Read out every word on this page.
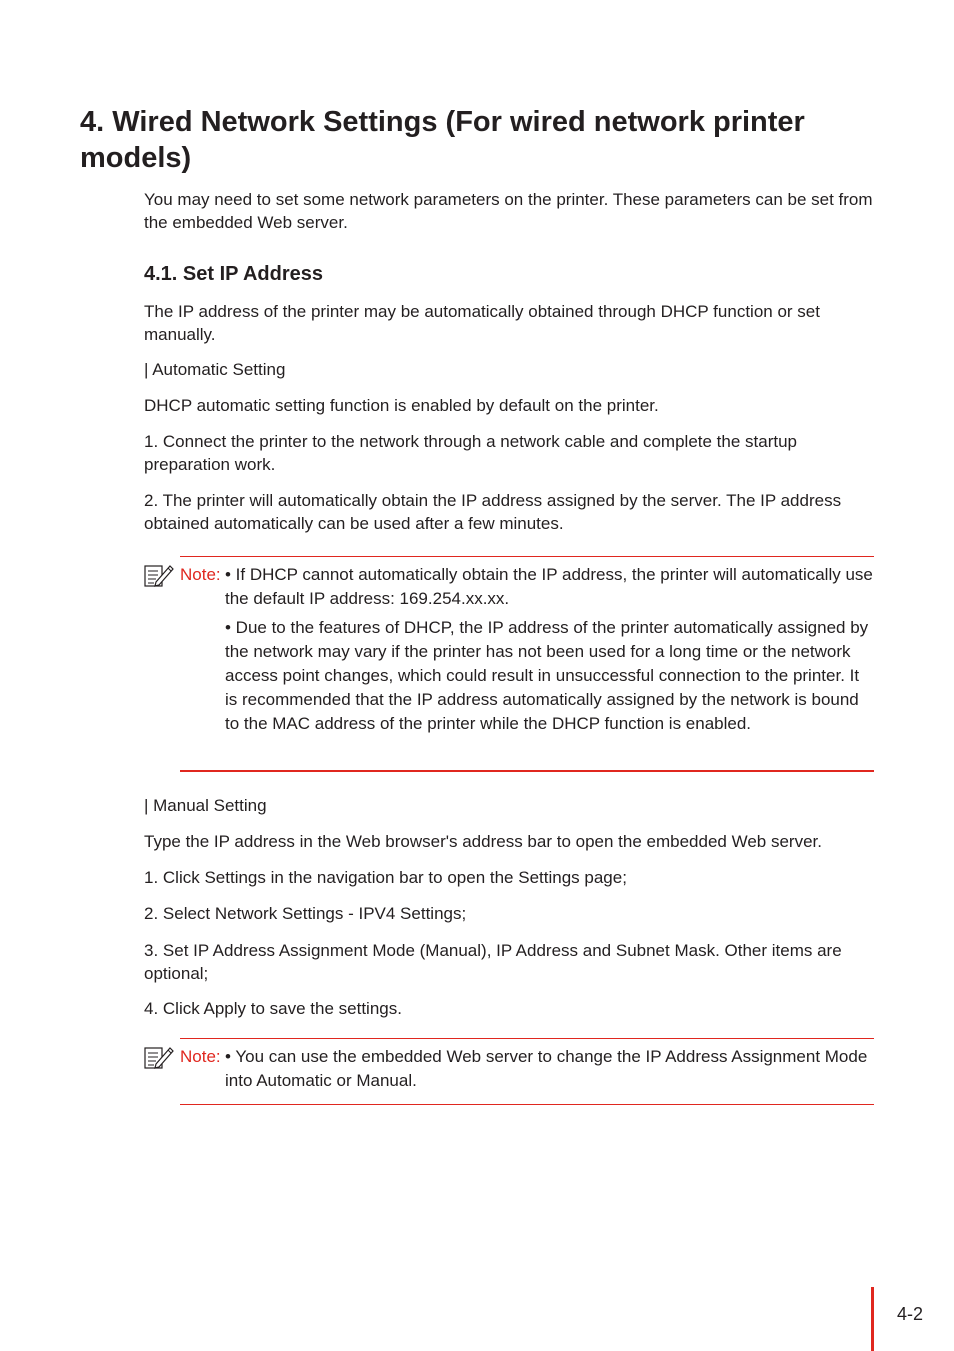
4. Wired Network Settings (For wired network printer models)
You may need to set some network parameters on the printer. These parameters can be set from the embedded Web server.
4.1. Set IP Address
The IP address of the printer may be automatically obtained through DHCP function or set manually.
| Automatic Setting
DHCP automatic setting function is enabled by default on the printer.
1. Connect the printer to the network through a network cable and complete the startup preparation work.
2. The printer will automatically obtain the IP address assigned by the server. The IP address obtained automatically can be used after a few minutes.
Note: • If DHCP cannot automatically obtain the IP address, the printer will automatically use the default IP address: 169.254.xx.xx.
• Due to the features of DHCP, the IP address of the printer automatically assigned by the network may vary if the printer has not been used for a long time or the network access point changes, which could result in unsuccessful connection to the printer. It is recommended that the IP address automatically assigned by the network is bound to the MAC address of the printer while the DHCP function is enabled.
| Manual Setting
Type the IP address in the Web browser's address bar to open the embedded Web server.
1. Click Settings in the navigation bar to open the Settings page;
2. Select Network Settings - IPV4 Settings;
3. Set IP Address Assignment Mode (Manual), IP Address and Subnet Mask. Other items are optional;
4. Click Apply to save the settings.
Note: • You can use the embedded Web server to change the IP Address Assignment Mode into Automatic or Manual.
4-2
